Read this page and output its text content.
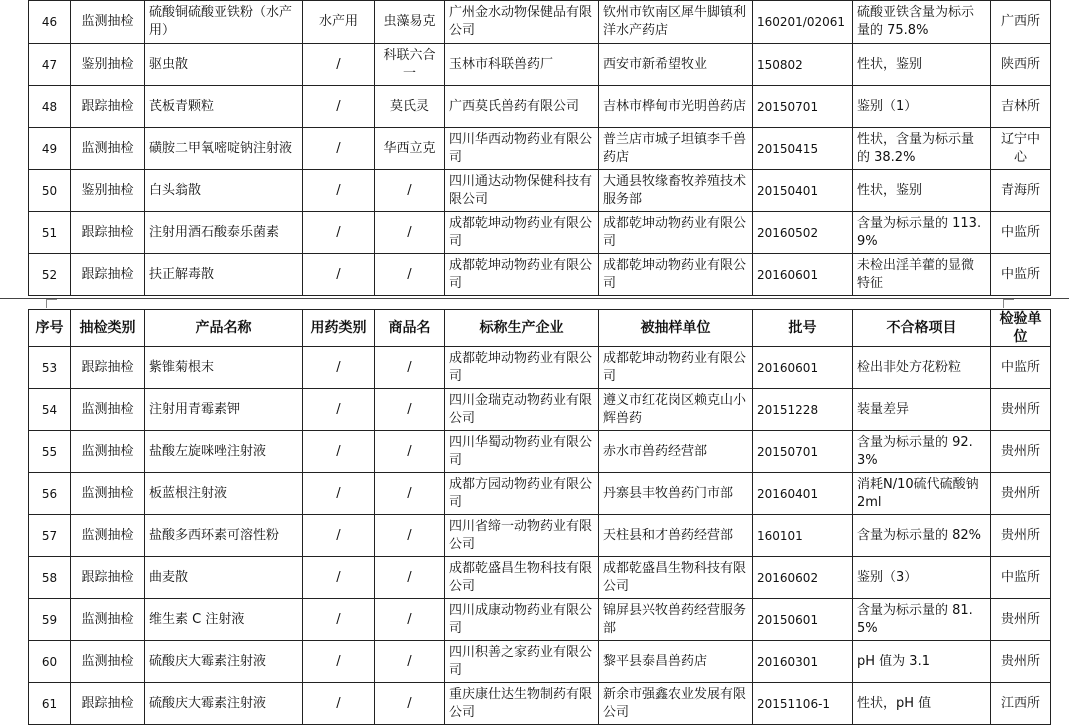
46	监测抽检	硫酸铜硫酸亚铁粉（水产用）	水产用	虫藻易克	广州金水动物保健品有限公司	钦州市钦南区犀牛脚镇利洋水产药店	160201/02061	硫酸亚铁含量为标示量的 75.8%	广西所
47	鉴别抽检	驱虫散	/	科联六合一	玉林市科联兽药厂	西安市新希望牧业	150802	性状，鉴别	陕西所
48	跟踪抽检	芪板青颗粒	/	莫氏灵	广西莫氏兽药有限公司	吉林市桦甸市光明兽药店	20150701	鉴别（1）	吉林所
49	监测抽检	磺胺二甲氧嘧啶钠注射液	/	华西立克	四川华西动物药业有限公司	普兰店市城子坦镇李千兽药店	20150415	性状，含量为标示量的 38.2%	辽宁中心
50	鉴别抽检	白头翁散	/	/	四川通达动物保健科技有限公司	大通县牧缘畜牧养殖技术服务部	20150401	性状，鉴别	青海所
51	跟踪抽检	注射用酒石酸泰乐菌素	/	/	成都乾坤动物药业有限公司	成都乾坤动物药业有限公司	20160502	含量为标示量的 113.9%	中监所
52	跟踪抽检	扶正解毒散	/	/	成都乾坤动物药业有限公司	成都乾坤动物药业有限公司	20160601	未检出淫羊藿的显微特征	中监所
序号	抽检类别	产品名称	用药类别	商品名	标称生产企业	被抽样单位	批号	不合格项目	检验单位
53	跟踪抽检	紫锥菊根末	/	/	成都乾坤动物药业有限公司	成都乾坤动物药业有限公司	20160601	检出非处方花粉粒	中监所
54	监测抽检	注射用青霉素钾	/	/	四川金瑞克动物药业有限公司	遵义市红花岗区赖克山小辉兽药	20151228	装量差异	贵州所
55	监测抽检	盐酸左旋咪唑注射液	/	/	四川华蜀动物药业有限公司	赤水市兽药经营部	20150701	含量为标示量的 92.3%	贵州所
56	监测抽检	板蓝根注射液	/	/	成都方园动物药业有限公司	丹寨县丰牧兽药门市部	20160401	消耗N/10硫代硫酸钠 2ml	贵州所
57	监测抽检	盐酸多西环素可溶性粉	/	/	四川省缔一动物药业有限公司	天柱县和才兽药经营部	160101	含量为标示量的 82%	贵州所
58	跟踪抽检	曲麦散	/	/	成都乾盛昌生物科技有限公司	成都乾盛昌生物科技有限公司	20160602	鉴别（3）	中监所
59	监测抽检	维生素 C 注射液	/	/	四川成康动物药业有限公司	锦屏县兴牧兽药经营服务部	20150601	含量为标示量的 81.5%	贵州所
60	监测抽检	硫酸庆大霉素注射液	/	/	四川积善之家药业有限公司	黎平县泰昌兽药店	20160301	pH 值为 3.1	贵州所
61	跟踪抽检	硫酸庆大霉素注射液	/	/	重庆康仕达生物制药有限公司	新余市强鑫农业发展有限公司	20151106-1	性状，pH 值	江西所
